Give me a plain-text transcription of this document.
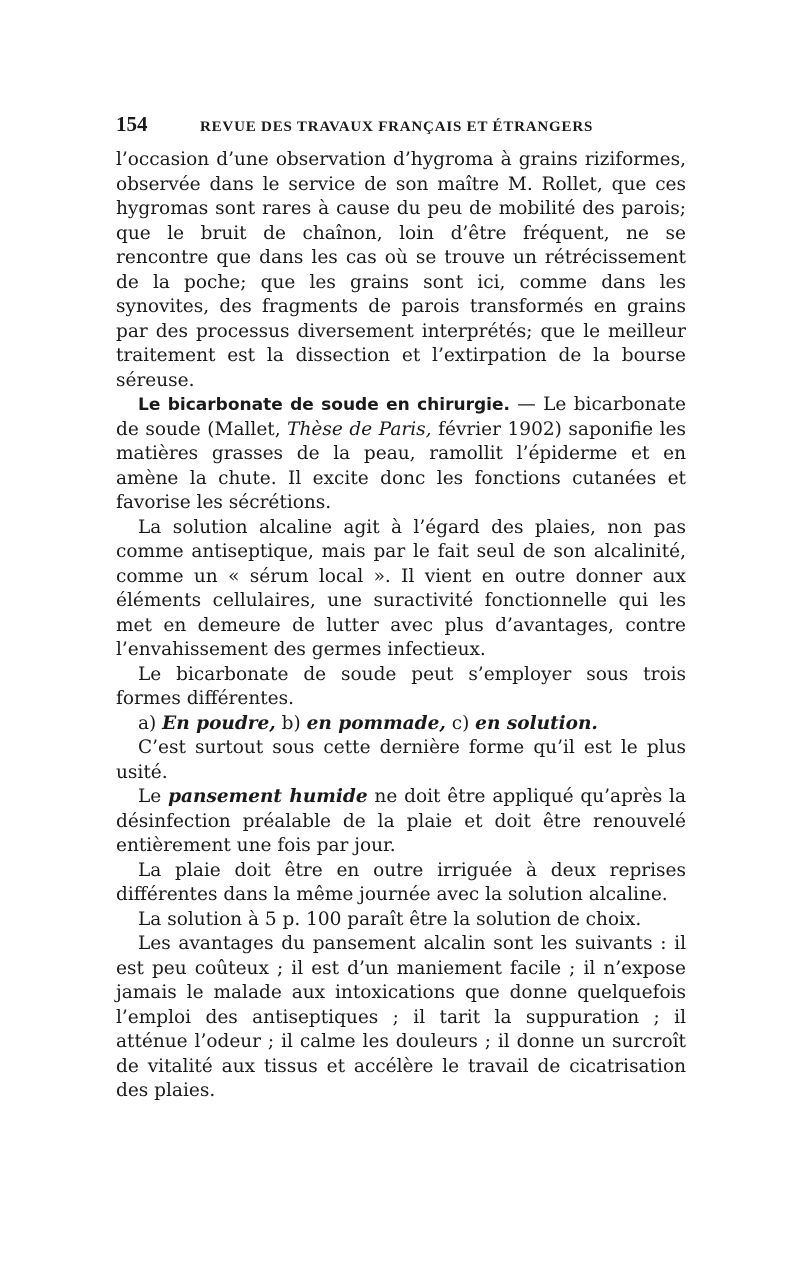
154	REVUE DES TRAVAUX FRANÇAIS ET ÉTRANGERS

l’occasion d’une observation d’hygroma à grains riziformes, observée dans le service de son maître M. Rollet, que ces hygromas sont rares à cause du peu de mobilité des parois; que le bruit de chaînon, loin d’être fréquent, ne se rencontre que dans les cas où se trouve un rétrécissement de la poche; que les grains sont ici, comme dans les synovites, des fragments de parois transformés en grains par des processus diversement interprétés; que le meilleur traitement est la dissection et l’extirpation de la bourse séreuse.

Le bicarbonate de soude en chirurgie. — Le bicarbonate de soude (Mallet, Thèse de Paris, février 1902) saponifie les matières grasses de la peau, ramollit l’épiderme et en amène la chute. Il excite donc les fonctions cutanées et favorise les sécrétions.

La solution alcaline agit à l’égard des plaies, non pas comme antiseptique, mais par le fait seul de son alcalinité, comme un « sérum local ». Il vient en outre donner aux éléments cellulaires, une suractivité fonctionnelle qui les met en demeure de lutter avec plus d’avantages, contre l’envahissement des germes infectieux.

Le bicarbonate de soude peut s’employer sous trois formes différentes.

a) En poudre, b) en pommade, c) en solution.

C’est surtout sous cette dernière forme qu’il est le plus usité.

Le pansement humide ne doit être appliqué qu’après la désinfection préalable de la plaie et doit être renouvelé entièrement une fois par jour.

La plaie doit être en outre irriguée à deux reprises différentes dans la même journée avec la solution alcaline.

La solution à 5 p. 100 paraît être la solution de choix.

Les avantages du pansement alcalin sont les suivants : il est peu coûteux ; il est d’un maniement facile ; il n’expose jamais le malade aux intoxications que donne quelquefois l’emploi des antiseptiques ; il tarit la suppuration ; il atténue l’odeur ; il calme les douleurs ; il donne un surcroît de vitalité aux tissus et accélère le travail de cicatrisation des plaies.
